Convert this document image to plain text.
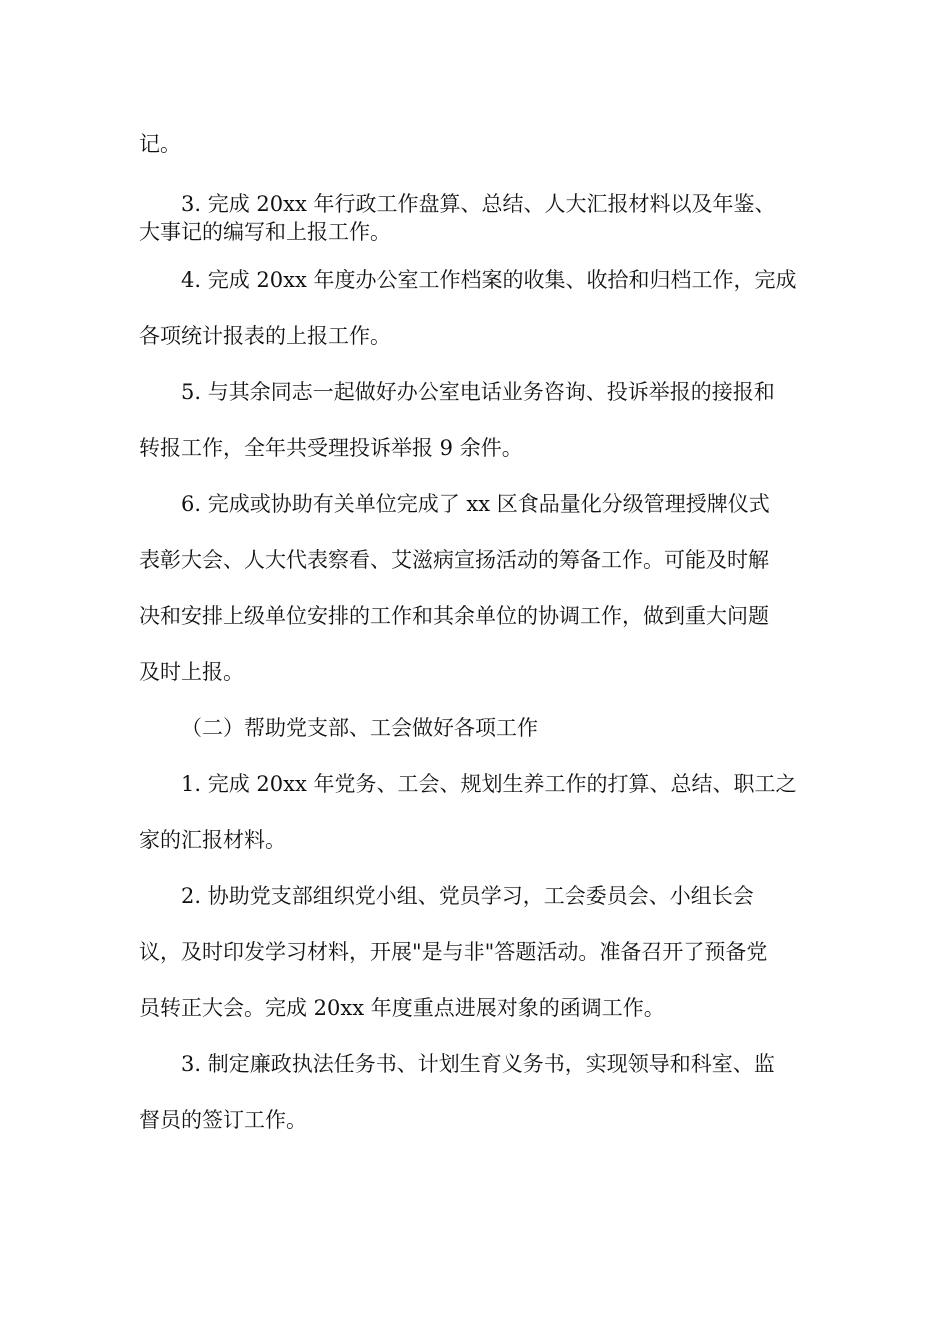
记。
3. 完成 20xx 年行政工作盘算、总结、人大汇报材料以及年鉴、
大事记的编写和上报工作。
4. 完成 20xx 年度办公室工作档案的收集、收拾和归档工作，完成
各项统计报表的上报工作。
5. 与其余同志一起做好办公室电话业务咨询、投诉举报的接报和
转报工作，全年共受理投诉举报 9 余件。
6. 完成或协助有关单位完成了 xx 区食品量化分级管理授牌仪式
表彰大会、人大代表察看、艾滋病宣扬活动的筹备工作。可能及时解
决和安排上级单位安排的工作和其余单位的协调工作，做到重大问题
及时上报。
（二）帮助党支部、工会做好各项工作
1. 完成 20xx 年党务、工会、规划生养工作的打算、总结、职工之
家的汇报材料。
2. 协助党支部组织党小组、党员学习，工会委员会、小组长会
议，及时印发学习材料，开展"是与非"答题活动。准备召开了预备党
员转正大会。完成 20xx 年度重点进展对象的函调工作。
3. 制定廉政执法任务书、计划生育义务书，实现领导和科室、监
督员的签订工作。
